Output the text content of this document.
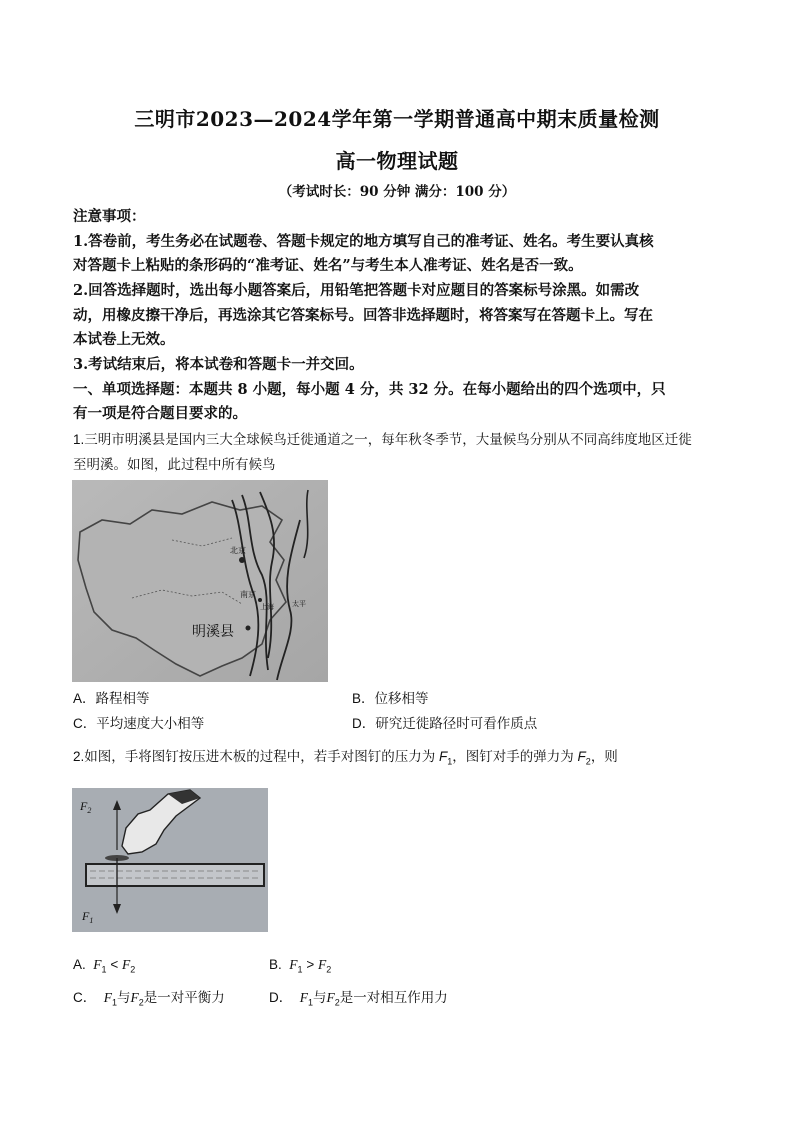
三明市2023—2024学年第一学期普通高中期末质量检测
高一物理试题
（考试时长：90 分钟 满分：100 分）
注意事项：
1.答卷前，考生务必在试题卷、答题卡规定的地方填写自己的准考证、姓名。考生要认真核
对答题卡上粘贴的条形码的“准考证、姓名”与考生本人准考证、姓名是否一致。
2.回答选择题时，选出每小题答案后，用铅笔把答题卡对应题目的答案标号涂黑。如需改
动，用橡皮擦干净后，再选涂其它答案标号。回答非选择题时，将答案写在答题卡上。写在
本试卷上无效。
3.考试结束后，将本试卷和答题卡一并交回。
一、单项选择题：本题共 8 小题，每小题 4 分，共 32 分。在每小题给出的四个选项中，只
有一项是符合题目要求的。
1.三明市明溪县是国内三大全球候鸟迁徙通道之一，每年秋冬季节，大量候鸟分别从不同高纬度地区迁徙
至明溪。如图，此过程中所有候鸟
北京
南京
上海	太平
明溪县
A．路程相等	B．位移相等
C．平均速度大小相等	D．研究迁徙路径时可看作质点
2.如图，手将图钉按压进木板的过程中，若手对图钉的压力为 $F_1$，图钉对手的弹力为 $F_2$，则
$F_2$
$F_1$
A. $F_1 < F_2$	B. $F_1 > F_2$
C． $F_1$与$F_2$是一对平衡力	D． $F_1$与$F_2$是一对相互作用力
